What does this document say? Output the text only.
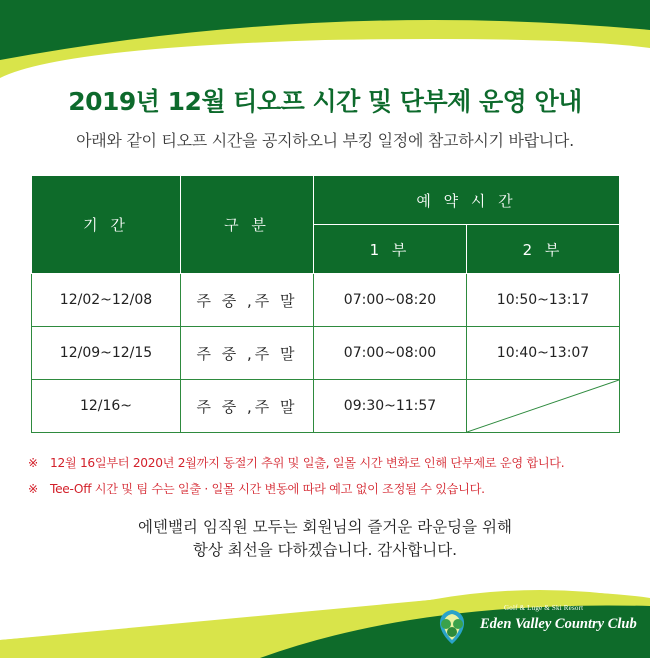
2019년 12월 티오프 시간 및 단부제 운영 안내
아래와 같이 티오프 시간을 공지하오니 부킹 일정에 참고하시기 바랍니다.
기 간	구 분	예 약 시 간	
		1 부	2 부
12/02~12/08	주 중 ,주 말	07:00~08:20	10:50~13:17
12/09~12/15	주 중 ,주 말	07:00~08:00	10:40~13:07
12/16~	주 중 ,주 말	09:30~11:57	
※ 12월 16일부터 2020년 2월까지 동절기 추위 및 일출, 일몰 시간 변화로 인해 단부제로 운영 합니다.
※ Tee-Off 시간 및 팀 수는 일출 · 일몰 시간 변동에 따라 예고 없이 조정될 수 있습니다.
에덴밸리 임직원 모두는 회원님의 즐거운 라운딩을 위해
항상 최선을 다하겠습니다. 감사합니다.
Golf & Luge & Ski Resort
Eden Valley Country Club
